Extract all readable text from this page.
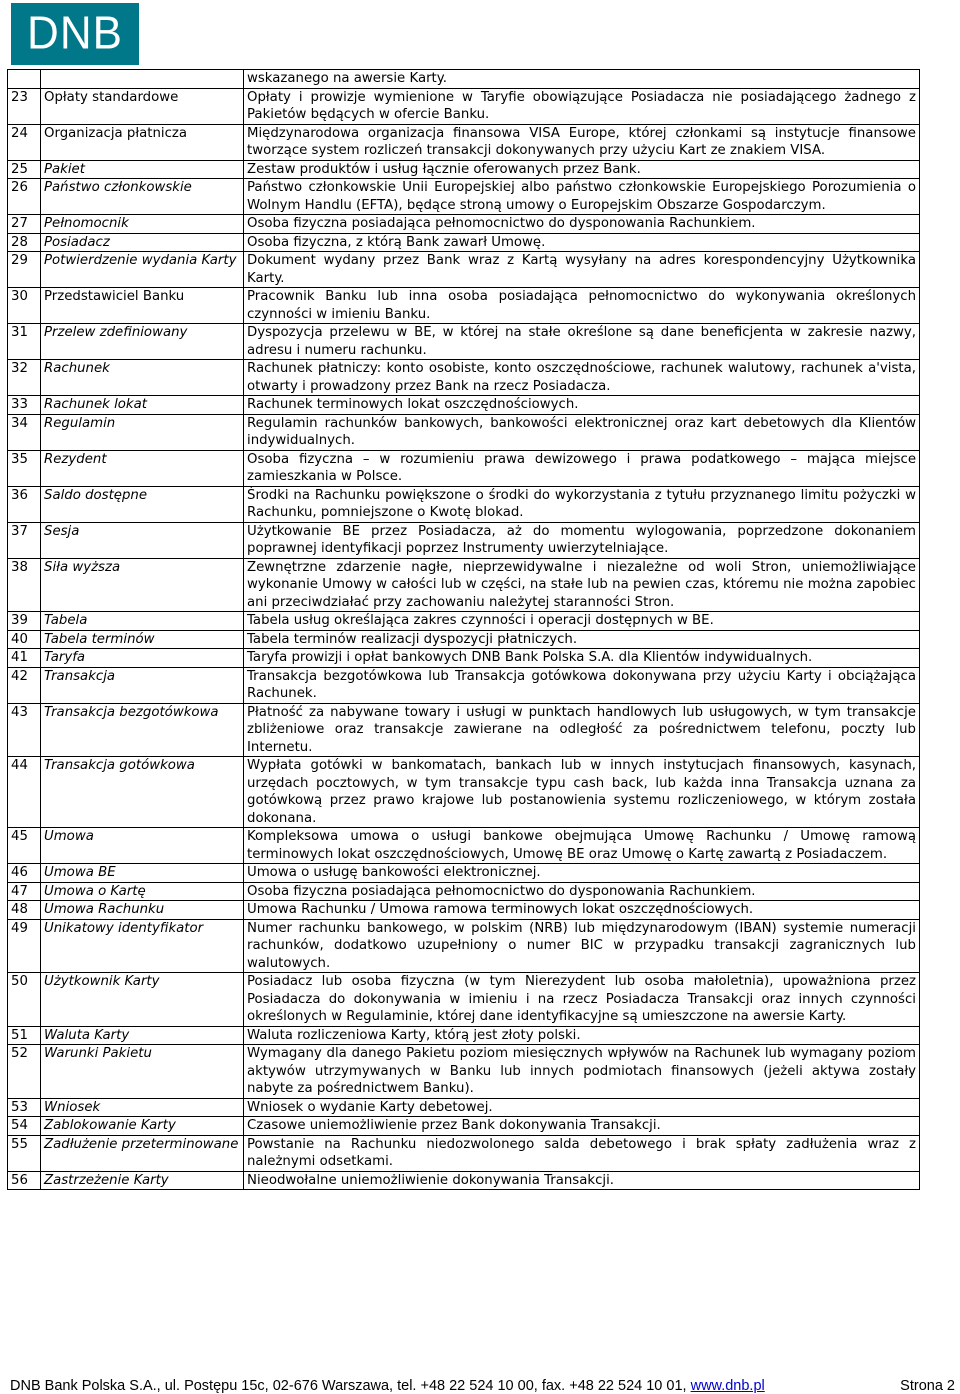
DNB
		wskazanego na awersie Karty.
23	Opłaty standardowe	Opłaty i prowizje wymienione w Taryfie obowiązujące Posiadacza nie posiadającego żadnego z Pakietów będących w ofercie Banku.
24	Organizacja płatnicza	Międzynarodowa organizacja finansowa VISA Europe, której członkami są instytucje finansowe tworzące system rozliczeń transakcji dokonywanych przy użyciu Kart ze znakiem VISA.
25	Pakiet	Zestaw produktów i usług łącznie oferowanych przez Bank.
26	Państwo członkowskie	Państwo członkowskie Unii Europejskiej albo państwo członkowskie Europejskiego Porozumienia o Wolnym Handlu (EFTA), będące stroną umowy o Europejskim Obszarze Gospodarczym.
27	Pełnomocnik	Osoba fizyczna posiadająca pełnomocnictwo do dysponowania Rachunkiem.
28	Posiadacz	Osoba fizyczna, z którą Bank zawarł Umowę.
29	Potwierdzenie wydania Karty	Dokument wydany przez Bank wraz z Kartą wysyłany na adres korespondencyjny Użytkownika Karty.
30	Przedstawiciel Banku	Pracownik Banku lub inna osoba posiadająca pełnomocnictwo do wykonywania określonych czynności w imieniu Banku.
31	Przelew zdefiniowany	Dyspozycja przelewu w BE, w której na stałe określone są dane beneficjenta w zakresie nazwy, adresu i numeru rachunku.
32	Rachunek	Rachunek płatniczy: konto osobiste, konto oszczędnościowe, rachunek walutowy, rachunek a'vista, otwarty i prowadzony przez Bank na rzecz Posiadacza.
33	Rachunek lokat	Rachunek terminowych lokat oszczędnościowych.
34	Regulamin	Regulamin rachunków bankowych, bankowości elektronicznej oraz kart debetowych dla Klientów indywidualnych.
35	Rezydent	Osoba fizyczna – w rozumieniu prawa dewizowego i prawa podatkowego – mająca miejsce zamieszkania w Polsce.
36	Saldo dostępne	Środki na Rachunku powiększone o środki do wykorzystania z tytułu przyznanego limitu pożyczki w Rachunku, pomniejszone o Kwotę blokad.
37	Sesja	Użytkowanie BE przez Posiadacza, aż do momentu wylogowania, poprzedzone dokonaniem poprawnej identyfikacji poprzez Instrumenty uwierzytelniające.
38	Siła wyższa	Zewnętrzne zdarzenie nagłe, nieprzewidywalne i niezależne od woli Stron, uniemożliwiające wykonanie Umowy w całości lub w części, na stałe lub na pewien czas, któremu nie można zapobiec ani przeciwdziałać przy zachowaniu należytej staranności Stron.
39	Tabela	Tabela usług określająca zakres czynności i operacji dostępnych w BE.
40	Tabela terminów	Tabela terminów realizacji dyspozycji płatniczych.
41	Taryfa	Taryfa prowizji i opłat bankowych DNB Bank Polska S.A. dla Klientów indywidualnych.
42	Transakcja	Transakcja bezgotówkowa lub Transakcja gotówkowa dokonywana przy użyciu Karty i obciążająca Rachunek.
43	Transakcja bezgotówkowa	Płatność za nabywane towary i usługi w punktach handlowych lub usługowych, w tym transakcje zbliżeniowe oraz transakcje zawierane na odległość za pośrednictwem telefonu, poczty lub Internetu.
44	Transakcja gotówkowa	Wypłata gotówki w bankomatach, bankach lub w innych instytucjach finansowych, kasynach, urzędach pocztowych, w tym transakcje typu cash back, lub każda inna Transakcja uznana za gotówkową przez prawo krajowe lub postanowienia systemu rozliczeniowego, w którym została dokonana.
45	Umowa	Kompleksowa umowa o usługi bankowe obejmująca Umowę Rachunku / Umowę ramową terminowych lokat oszczędnościowych, Umowę BE oraz Umowę o Kartę zawartą z Posiadaczem.
46	Umowa BE	Umowa o usługę bankowości elektronicznej.
47	Umowa o Kartę	Osoba fizyczna posiadająca pełnomocnictwo do dysponowania Rachunkiem.
48	Umowa Rachunku	Umowa Rachunku / Umowa ramowa terminowych lokat oszczędnościowych.
49	Unikatowy identyfikator	Numer rachunku bankowego, w polskim (NRB) lub międzynarodowym (IBAN) systemie numeracji rachunków, dodatkowo uzupełniony o numer BIC w przypadku transakcji zagranicznych lub walutowych.
50	Użytkownik Karty	Posiadacz lub osoba fizyczna (w tym Nierezydent lub osoba małoletnia), upoważniona przez Posiadacza do dokonywania w imieniu i na rzecz Posiadacza Transakcji oraz innych czynności określonych w Regulaminie, której dane identyfikacyjne są umieszczone na awersie Karty.
51	Waluta Karty	Waluta rozliczeniowa Karty, którą jest złoty polski.
52	Warunki Pakietu	Wymagany dla danego Pakietu poziom miesięcznych wpływów na Rachunek lub wymagany poziom aktywów utrzymywanych w Banku lub innych podmiotach finansowych (jeżeli aktywa zostały nabyte za pośrednictwem Banku).
53	Wniosek	Wniosek o wydanie Karty debetowej.
54	Zablokowanie Karty	Czasowe uniemożliwienie przez Bank dokonywania Transakcji.
55	Zadłużenie przeterminowane	Powstanie na Rachunku niedozwolonego salda debetowego i brak spłaty zadłużenia wraz z należnymi odsetkami.
56	Zastrzeżenie Karty	Nieodwołalne uniemożliwienie dokonywania Transakcji.
DNB Bank Polska S.A., ul. Postępu 15c, 02-676 Warszawa, tel. +48 22 524 10 00, fax. +48 22 524 10 01, www.dnb.pl	Strona 2
